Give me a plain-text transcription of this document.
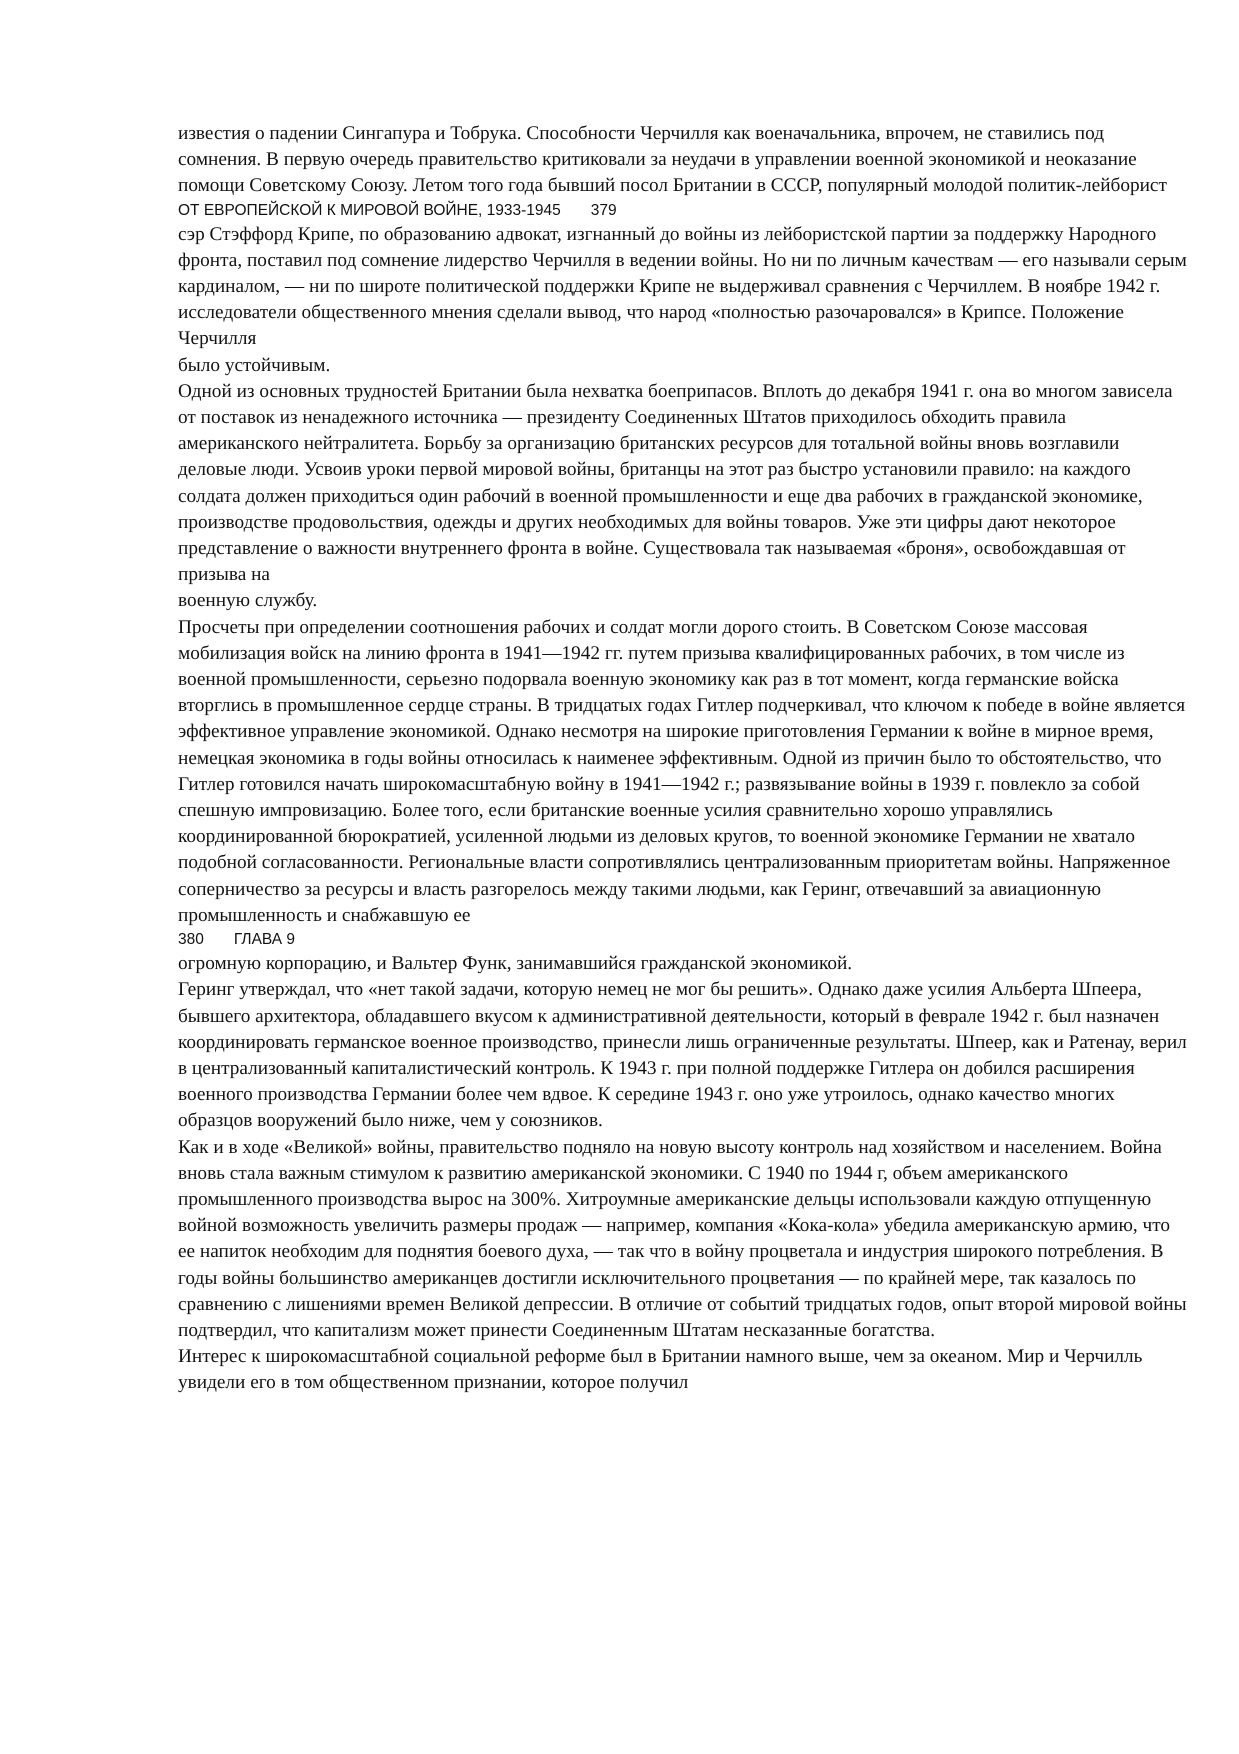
известия о падении Сингапура и Тобрука. Способности Черчилля как военачальника, впрочем, не ставились под сомнения. В первую очередь правительство критиковали за неудачи в управлении военной экономикой и неоказание помощи Советскому Союзу. Летом того года бывший посол Британии в СССР, популярный молодой политик-лейборист

ОТ ЕВРОПЕЙСКОЙ К МИРОВОЙ ВОЙНЕ, 1933-1945 379

сэр Стэффорд Крипе, по образованию адвокат, изгнанный до войны из лейбористской партии за поддержку Народного фронта, поставил под сомнение лидерство Черчилля в ведении войны. Но ни по личным качествам — его называли серым кардиналом, — ни по широте политической поддержки Крипе не выдерживал сравнения с Черчиллем. В ноябре 1942 г. исследователи общественного мнения сделали вывод, что народ «полностью разочаровался» в Крипсе. Положение Черчилля

было устойчивым.

Одной из основных трудностей Британии была нехватка боеприпасов. Вплоть до декабря 1941 г. она во многом зависела от поставок из ненадежного источника — президенту Соединенных Штатов приходилось обходить правила американского нейтралитета. Борьбу за организацию британских ресурсов для тотальной войны вновь возглавили деловые люди. Усвоив уроки первой мировой войны, британцы на этот раз быстро установили правило: на каждого солдата должен приходиться один рабочий в военной промышленности и еще два рабочих в гражданской экономике, производстве продовольствия, одежды и других необходимых для войны товаров. Уже эти цифры дают некоторое представление о важности внутреннего фронта в войне. Существовала так называемая «броня», освобождавшая от призыва на

военную службу.

Просчеты при определении соотношения рабочих и солдат могли дорого стоить. В Советском Союзе массовая мобилизация войск на линию фронта в 1941—1942 гг. путем призыва квалифицированных рабочих, в том числе из военной промышленности, серьезно подорвала военную экономику как раз в тот момент, когда германские войска вторглись в промышленное сердце страны. В тридцатых годах Гитлер подчеркивал, что ключом к победе в войне является эффективное управление экономикой. Однако несмотря на широкие приготовления Германии к войне в мирное время, немецкая экономика в годы войны относилась к наименее эффективным. Одной из причин было то обстоятельство, что Гитлер готовился начать широкомасштабную войну в 1941—1942 г.; развязывание войны в 1939 г. повлекло за собой спешную импровизацию. Более того, если британские военные усилия сравнительно хорошо управлялись координированной бюрократией, усиленной людьми из деловых кругов, то военной экономике Германии не хватало подобной согласованности. Региональные власти сопротивлялись централизованным приоритетам войны. Напряженное соперничество за ресурсы и власть разгорелось между такими людьми, как Геринг, отвечавший за авиационную промышленность и снабжавшую ее

380 ГЛАВА 9

огромную корпорацию, и Вальтер Функ, занимавшийся гражданской экономикой.

Геринг утверждал, что «нет такой задачи, которую немец не мог бы решить». Однако даже усилия Альберта Шпеера, бывшего архитектора, обладавшего вкусом к административной деятельности, который в феврале 1942 г. был назначен координировать германское военное производство, принесли лишь ограниченные результаты. Шпеер, как и Ратенау, верил в централизованный капиталистический контроль. К 1943 г. при полной поддержке Гитлера он добился расширения военного производства Германии более чем вдвое. К середине 1943 г. оно уже утроилось, однако качество многих образцов вооружений было ниже, чем у союзников.

Как и в ходе «Великой» войны, правительство подняло на новую высоту контроль над хозяйством и населением. Война вновь стала важным стимулом к развитию американской экономики. С 1940 по 1944 г, объем американского промышленного производства вырос на 300%. Хитроумные американские дельцы использовали каждую отпущенную войной возможность увеличить размеры продаж — например, компания «Кока-кола» убедила американскую армию, что ее напиток необходим для поднятия боевого духа, — так что в войну процветала и индустрия широкого потребления. В годы войны большинство американцев достигли исключительного процветания — по крайней мере, так казалось по сравнению с лишениями времен Великой депрессии. В отличие от событий тридцатых годов, опыт второй мировой войны подтвердил, что капитализм может принести Соединенным Штатам несказанные богатства.

Интерес к широкомасштабной социальной реформе был в Британии намного выше, чем за океаном. Мир и Черчилль увидели его в том общественном признании, которое получил
